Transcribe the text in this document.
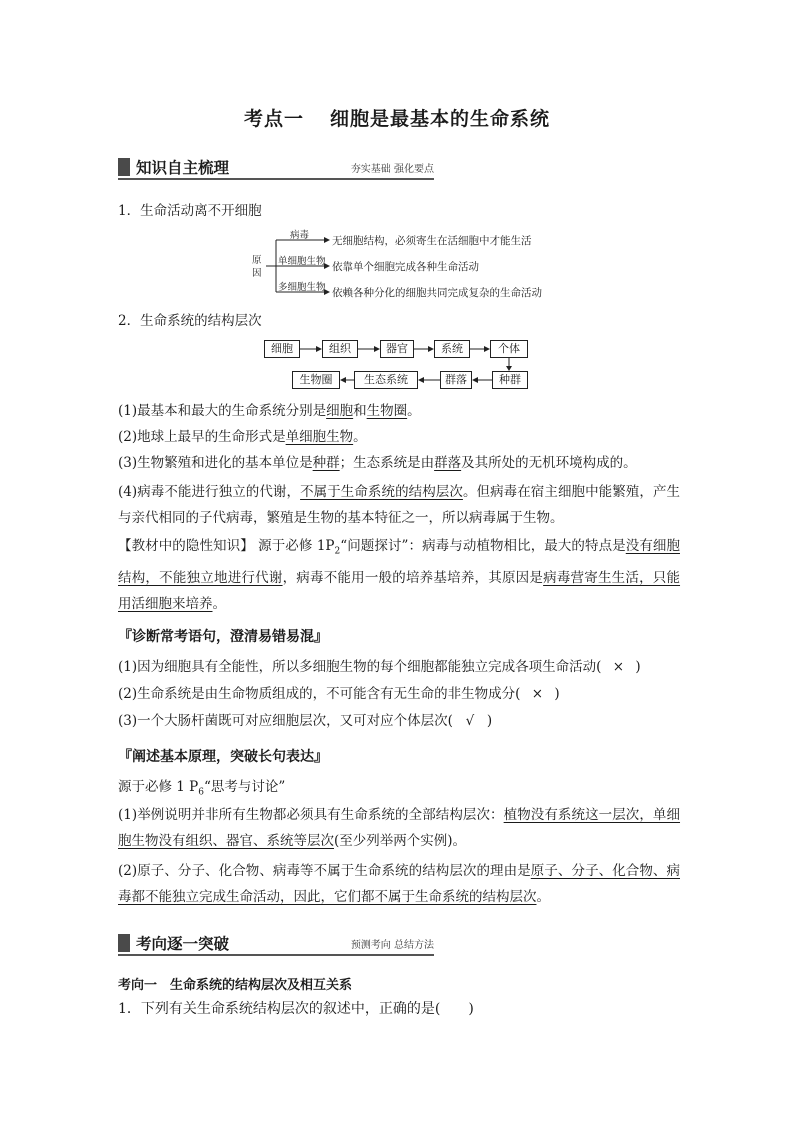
考点一 细胞是最基本的生命系统
知识自主梳理	夯实基础 强化要点
1．生命活动离不开细胞
原
因
病毒
单细胞生物
多细胞生物
无细胞结构，必须寄生在活细胞中才能生活
依靠单个细胞完成各种生命活动
依赖各种分化的细胞共同完成复杂的生命活动
2．生命系统的结构层次
细胞	组织	器官	系统	个体
种群
群落
生态系统
生物圈
(1)最基本和最大的生命系统分别是细胞和生物圈。
(2)地球上最早的生命形式是单细胞生物。
(3)生物繁殖和进化的基本单位是种群；生态系统是由群落及其所处的无机环境构成的。
(4)病毒不能进行独立的代谢，不属于生命系统的结构层次。但病毒在宿主细胞中能繁殖，产生与亲代相同的子代病毒，繁殖是生物的基本特征之一，所以病毒属于生物。
【教材中的隐性知识】 源于必修 $1P_2“$问题探讨”：病毒与动植物相比，最大的特点是没有细胞结构，不能独立地进行代谢，病毒不能用一般的培养基培养，其原因是病毒营寄生生活，只能用活细胞来培养。
『诊断常考语句，澄清易错易混』
(1)因为细胞具有全能性，所以多细胞生物的每个细胞都能独立完成各项生命活动( × )
(2)生命系统是由生命物质组成的，不可能含有无生命的非生物成分( × )
(3)一个大肠杆菌既可对应细胞层次，又可对应个体层次( √ )
『阐述基本原理，突破长句表达』
源于必修 1 $P_6“$思考与讨论”
(1)举例说明并非所有生物都必须具有生命系统的全部结构层次：植物没有系统这一层次，单细胞生物没有组织、器官、系统等层次(至少列举两个实例)。
(2)原子、分子、化合物、病毒等不属于生命系统的结构层次的理由是原子、分子、化合物、病毒都不能独立完成生命活动，因此，它们都不属于生命系统的结构层次。
考向逐一突破	预测考向 总结方法
考向一　生命系统的结构层次及相互关系
1．下列有关生命系统结构层次的叙述中，正确的是(　　)
